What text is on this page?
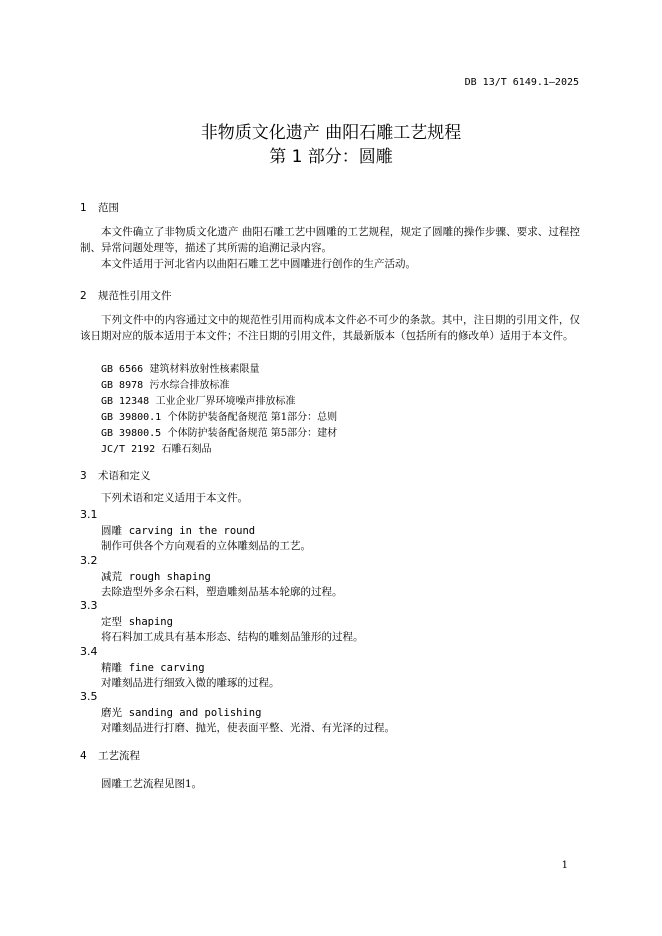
DB 13/T 6149.1—2025
非物质文化遗产 曲阳石雕工艺规程
第 1 部分：圆雕
1 范围
本文件确立了非物质文化遗产 曲阳石雕工艺中圆雕的工艺规程，规定了圆雕的操作步骤、要求、过程控制、异常问题处理等，描述了其所需的追溯记录内容。
本文件适用于河北省内以曲阳石雕工艺中圆雕进行创作的生产活动。
2 规范性引用文件
下列文件中的内容通过文中的规范性引用而构成本文件必不可少的条款。其中，注日期的引用文件，仅该日期对应的版本适用于本文件；不注日期的引用文件，其最新版本（包括所有的修改单）适用于本文件。
GB 6566 建筑材料放射性核素限量
GB 8978 污水综合排放标准
GB 12348 工业企业厂界环境噪声排放标准
GB 39800.1 个体防护装备配备规范 第1部分：总则
GB 39800.5 个体防护装备配备规范 第5部分：建材
JC/T 2192 石雕石刻品
3 术语和定义
下列术语和定义适用于本文件。
3.1
圆雕 carving in the round
制作可供各个方向观看的立体雕刻品的工艺。
3.2
减荒 rough shaping
去除造型外多余石料，塑造雕刻品基本轮廓的过程。
3.3
定型 shaping
将石料加工成具有基本形态、结构的雕刻品雏形的过程。
3.4
精雕 fine carving
对雕刻品进行细致入微的雕琢的过程。
3.5
磨光 sanding and polishing
对雕刻品进行打磨、抛光，使表面平整、光滑、有光泽的过程。
4 工艺流程
圆雕工艺流程见图1。
1
